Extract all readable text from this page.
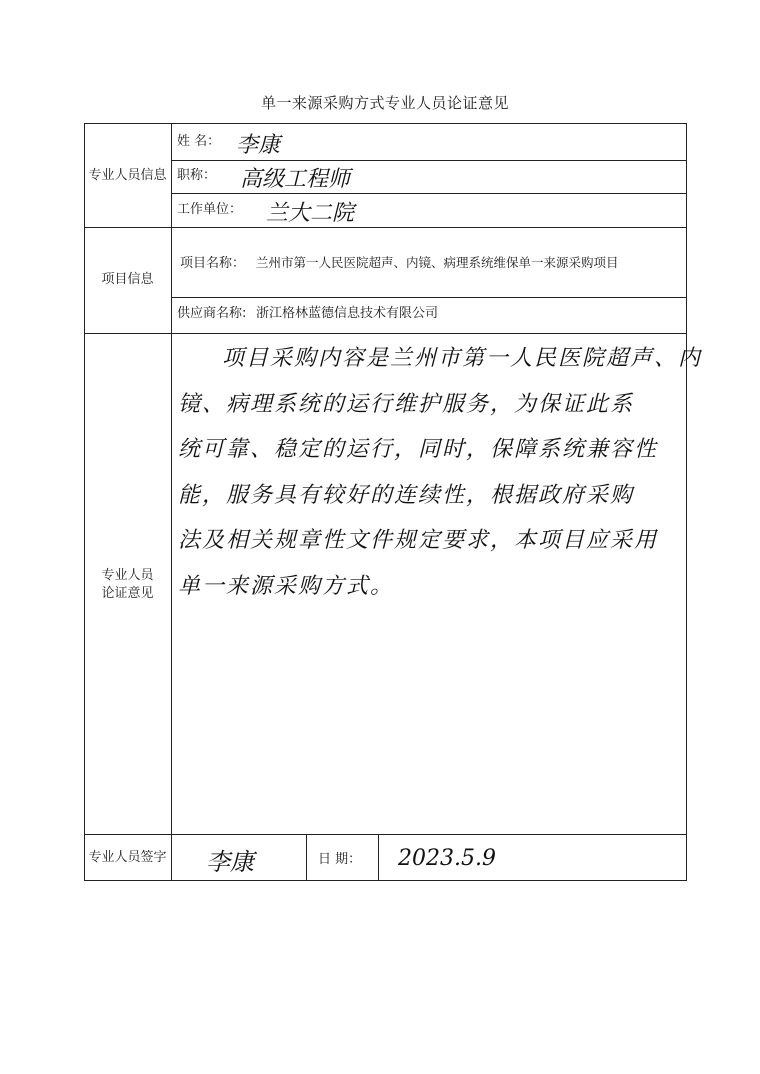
单一来源采购方式专业人员论证意见
专业人员信息
姓 名： 李康
职称： 高级工程师
工作单位： 兰大二院
项目信息
项目名称： 兰州市第一人民医院超声、内镜、病理系统维保单一来源采购项目
供应商名称: 浙江格林蓝德信息技术有限公司
专业人员
论证意见
项目采购内容是兰州市第一人民医院超声、内
镜、病理系统的运行维护服务，为保证此系
统可靠、稳定的运行，同时，保障系统兼容性
能，服务具有较好的连续性，根据政府采购
法及相关规章性文件规定要求，本项目应采用
单一来源采购方式。
专业人员签字 李康	日 期： 2023.5.9
